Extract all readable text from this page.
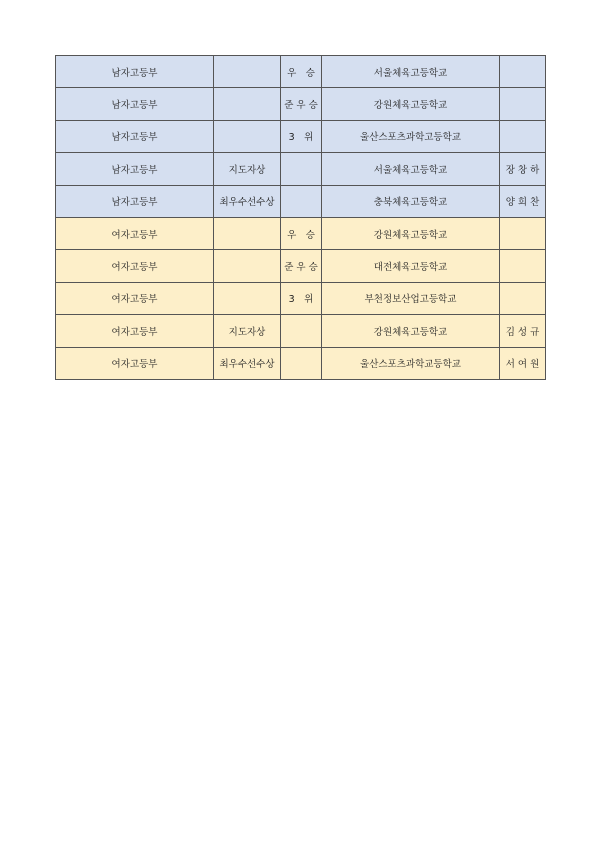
남자고등부		우　승	서울체육고등학교	
남자고등부		준 우 승	강원체육고등학교	
남자고등부		3　위	울산스포츠과학고등학교	
남자고등부	지도자상		서울체육고등학교	장 창 하
남자고등부	최우수선수상		충북체육고등학교	양 희 찬
여자고등부		우　승	강원체육고등학교	
여자고등부		준 우 승	대전체육고등학교	
여자고등부		3　위	부천정보산업고등학교	
여자고등부	지도자상		강원체육고등학교	김 성 규
여자고등부	최우수선수상		울산스포츠과학교등학교	서 여 원
